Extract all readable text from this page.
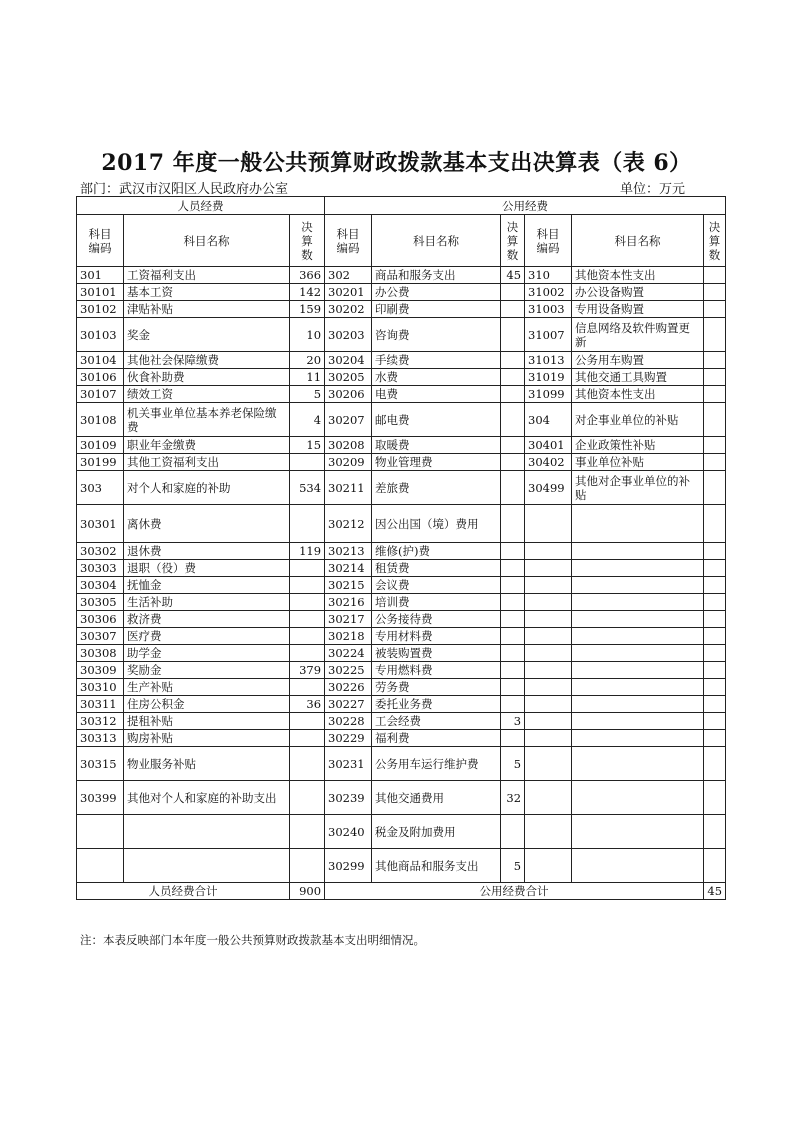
2017 年度一般公共预算财政拨款基本支出决算表（表 6）
部门：武汉市汉阳区人民政府办公室	单位：万元
人员经费			公用经费					

科目编码	科目名称	决算数	科目编码	科目名称	决算数	科目编码	科目名称	决算数

301	工资福利支出	366	302	商品和服务支出	45	310	其他资本性支出	
30101	基本工资	142	30201	办公费		31002	办公设备购置	
30102	津贴补贴	159	30202	印刷费		31003	专用设备购置	
30103	奖金	10	30203	咨询费		31007	信息网络及软件购置更新	
30104	其他社会保障缴费	20	30204	手续费		31013	公务用车购置	
30106	伙食补助费	11	30205	水费		31019	其他交通工具购置	
30107	绩效工资	5	30206	电费		31099	其他资本性支出	
30108	机关事业单位基本养老保险缴费	4	30207	邮电费		304	对企事业单位的补贴	
30109	职业年金缴费	15	30208	取暖费		30401	企业政策性补贴	
30199	其他工资福利支出		30209	物业管理费		30402	事业单位补贴	
303	对个人和家庭的补助	534	30211	差旅费		30499	其他对企事业单位的补贴	
30301	离休费		30212	因公出国（境）费用				
30302	退休费	119	30213	维修(护)费				
30303	退职（役）费		30214	租赁费				
30304	抚恤金		30215	会议费				
30305	生活补助		30216	培训费				
30306	救济费		30217	公务接待费				
30307	医疗费		30218	专用材料费				
30308	助学金		30224	被装购置费				
30309	奖励金	379	30225	专用燃料费				
30310	生产补贴		30226	劳务费				
30311	住房公积金	36	30227	委托业务费				
30312	提租补贴		30228	工会经费	3			
30313	购房补贴		30229	福利费				
30315	物业服务补贴		30231	公务用车运行维护费	5			
30399	其他对个人和家庭的补助支出		30239	其他交通费用	32			
			30240	税金及附加费用				
			30299	其他商品和服务支出	5			
人员经费合计		900	公用经费合计					45
注：本表反映部门本年度一般公共预算财政拨款基本支出明细情况。
